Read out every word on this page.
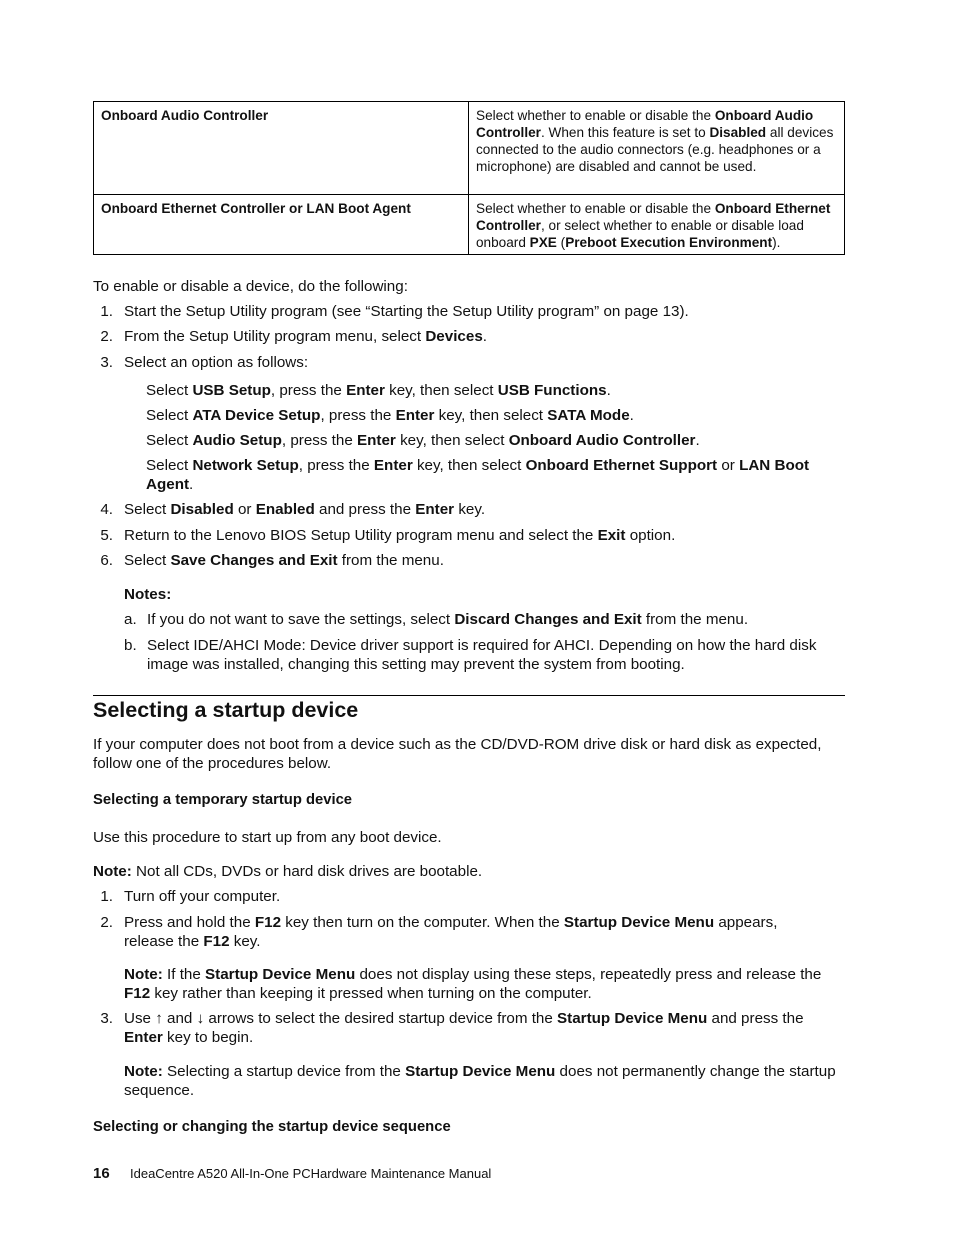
Onboard Audio Controller	Select whether to enable or disable the Onboard Audio Controller. When this feature is set to Disabled all devices connected to the audio connectors (e.g. headphones or a microphone) are disabled and cannot be used.
Onboard Ethernet Controller or LAN Boot Agent	Select whether to enable or disable the Onboard Ethernet Controller, or select whether to enable or disable load onboard PXE (Preboot Execution Environment).
To enable or disable a device, do the following:
1. Start the Setup Utility program (see “Starting the Setup Utility program” on page 13).
2. From the Setup Utility program menu, select Devices.
3. Select an option as follows:
Select USB Setup, press the Enter key, then select USB Functions.
Select ATA Device Setup, press the Enter key, then select SATA Mode.
Select Audio Setup, press the Enter key, then select Onboard Audio Controller.
Select Network Setup, press the Enter key, then select Onboard Ethernet Support or LAN Boot Agent.
4. Select Disabled or Enabled and press the Enter key.
5. Return to the Lenovo BIOS Setup Utility program menu and select the Exit option.
6. Select Save Changes and Exit from the menu.
Notes:
a. If you do not want to save the settings, select Discard Changes and Exit from the menu.
b. Select IDE/AHCI Mode: Device driver support is required for AHCI. Depending on how the hard disk image was installed, changing this setting may prevent the system from booting.
Selecting a startup device
If your computer does not boot from a device such as the CD/DVD-ROM drive disk or hard disk as expected, follow one of the procedures below.
Selecting a temporary startup device
Use this procedure to start up from any boot device.
Note: Not all CDs, DVDs or hard disk drives are bootable.
1. Turn off your computer.
2. Press and hold the F12 key then turn on the computer. When the Startup Device Menu appears, release the F12 key.
Note: If the Startup Device Menu does not display using these steps, repeatedly press and release the F12 key rather than keeping it pressed when turning on the computer.
3. Use ↑ and ↓ arrows to select the desired startup device from the Startup Device Menu and press the Enter key to begin.
Note: Selecting a startup device from the Startup Device Menu does not permanently change the startup sequence.
Selecting or changing the startup device sequence
16 IdeaCentre A520 All-In-One PCHardware Maintenance Manual
